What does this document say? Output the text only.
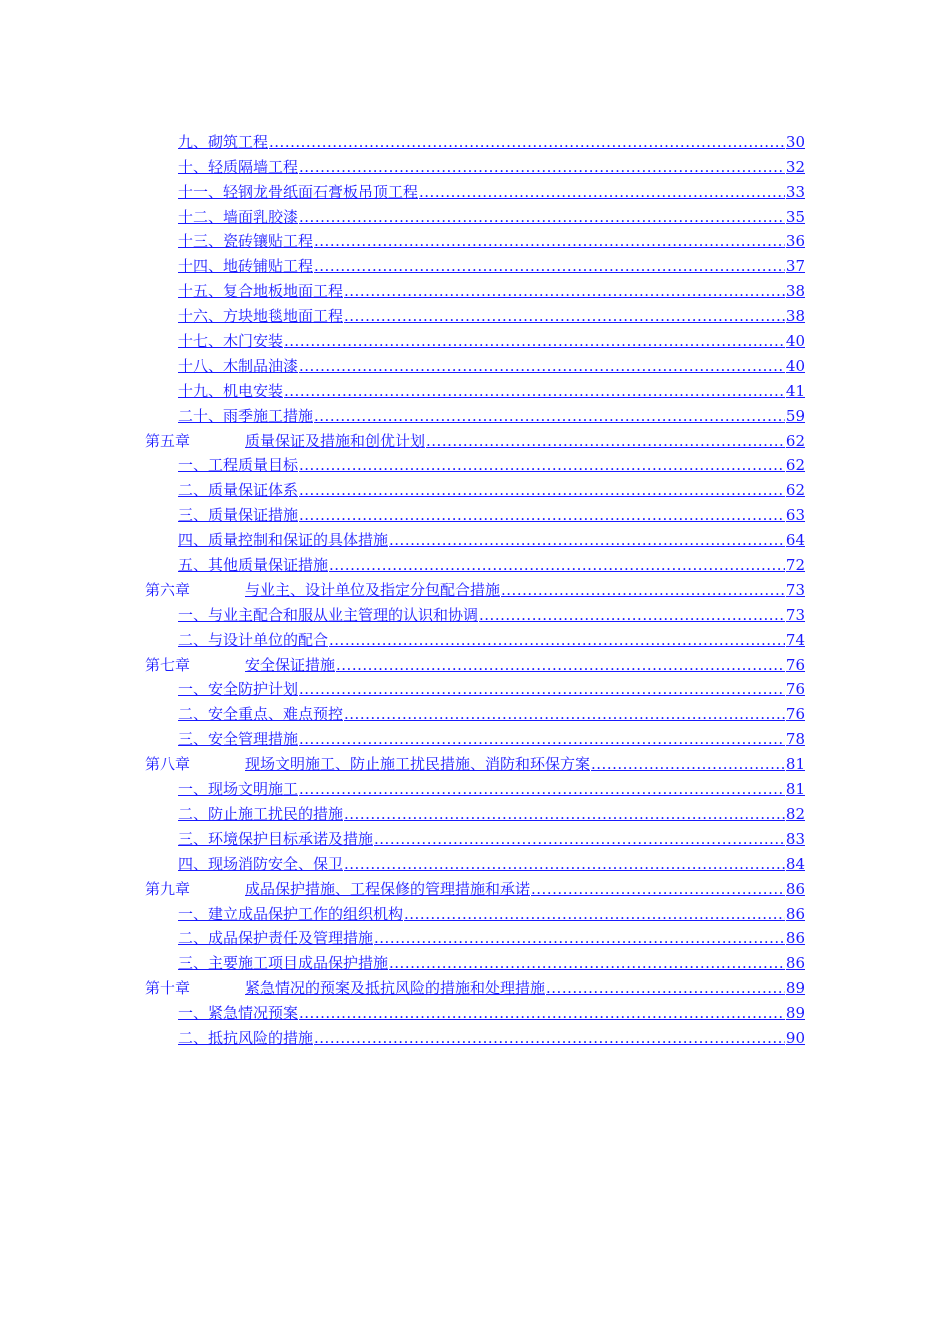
九、砌筑工程 .....	30
十、轻质隔墙工程 .....	32
十一、轻钢龙骨纸面石膏板吊顶工程 .....	33
十二、墙面乳胶漆 .....	35
十三、瓷砖镶贴工程 .....	36
十四、地砖铺贴工程 .....	37
十五、复合地板地面工程 .....	38
十六、方块地毯地面工程 .....	38
十七、木门安装 .....	40
十八、木制品油漆 .....	40
十九、机电安装 .....	41
二十、雨季施工措施 .....	59
第五章	质量保证及措施和创优计划 .....	62
一、工程质量目标 .....	62
二、质量保证体系 .....	62
三、质量保证措施 .....	63
四、质量控制和保证的具体措施 .....	64
五、其他质量保证措施 .....	72
第六章	与业主、设计单位及指定分包配合措施 .....	73
一、与业主配合和服从业主管理的认识和协调 .....	73
二、与设计单位的配合 .....	74
第七章	安全保证措施 .....	76
一、安全防护计划 .....	76
二、安全重点、难点预控 .....	76
三、安全管理措施 .....	78
第八章	现场文明施工、防止施工扰民措施、消防和环保方案 .....	81
一、现场文明施工 .....	81
二、防止施工扰民的措施 .....	82
三、环境保护目标承诺及措施 .....	83
四、现场消防安全、保卫 .....	84
第九章	成品保护措施、工程保修的管理措施和承诺 .....	86
一、建立成品保护工作的组织机构 .....	86
二、成品保护责任及管理措施 .....	86
三、主要施工项目成品保护措施 .....	86
第十章	紧急情况的预案及抵抗风险的措施和处理措施 .....	89
一、紧急情况预案 .....	89
二、抵抗风险的措施 .....	90
